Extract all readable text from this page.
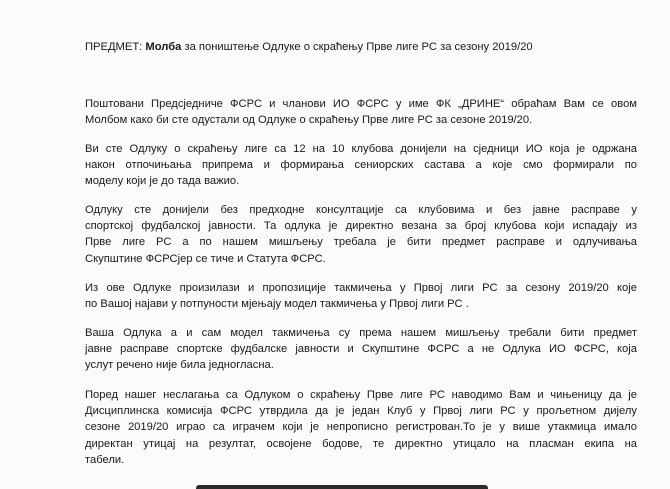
ПРЕДМЕТ: Молба за поништење Одлуке о скраћењу Прве лиге РС за сезону 2019/20

Поштовани Предсједниче ФСРС и чланови ИО ФСРС у име ФК „ДРИНЕ“ обраћам Вам се овом
Молбом како би сте одустали од Одлуке о скраћењу Прве лиге РС за сезоне 2019/20.

Ви сте Одлуку о скраћењу лиге са 12 на 10 клубова донијели на сједници ИО која је одржана
након отпочињања припрема и формирања сениорских састава а које смо формирали по
моделу који је до тада важио.

Одлуку сте донијели без предходне консултације са клубовима и без јавне расправе у
спортској фудбалској јавности. Та одлука је директно везана за број клубова који испадају из
Прве лиге РС а по нашем мишљењу требала је бити предмет расправе и одлучивања
Скупштине ФСРСјер се тиче и Статута ФСРС.

Из ове Одлуке произилази и пропозиције такмичења у Првој лиги РС за сезону 2019/20 које
по Вашој најави у потпуности мјењају модел такмичења у Првој лиги РС .

Ваша Одлука а и сам модел такмичења су према нашем мишљењу требали бити предмет
јавне расправе спортске фудбалске јавности и Скупштине ФСРС а не Одлука ИО ФСРС, која
услут речено није била једногласна.

Поред нашег неслагања са Одлуком о скраћењу Прве лиге РС наводимо Вам и чињеницу да је
Дисциплинска комисија ФСРС утврдила да је један Клуб у Првој лиги РС у прољетном дијелу
сезоне 2019/20 играо са играчем који је непрописно регистрован.То је у више утакмица имало
директан утицај на резултат, освојене бодове, те директно утицало на пласман екипа на
табели.
